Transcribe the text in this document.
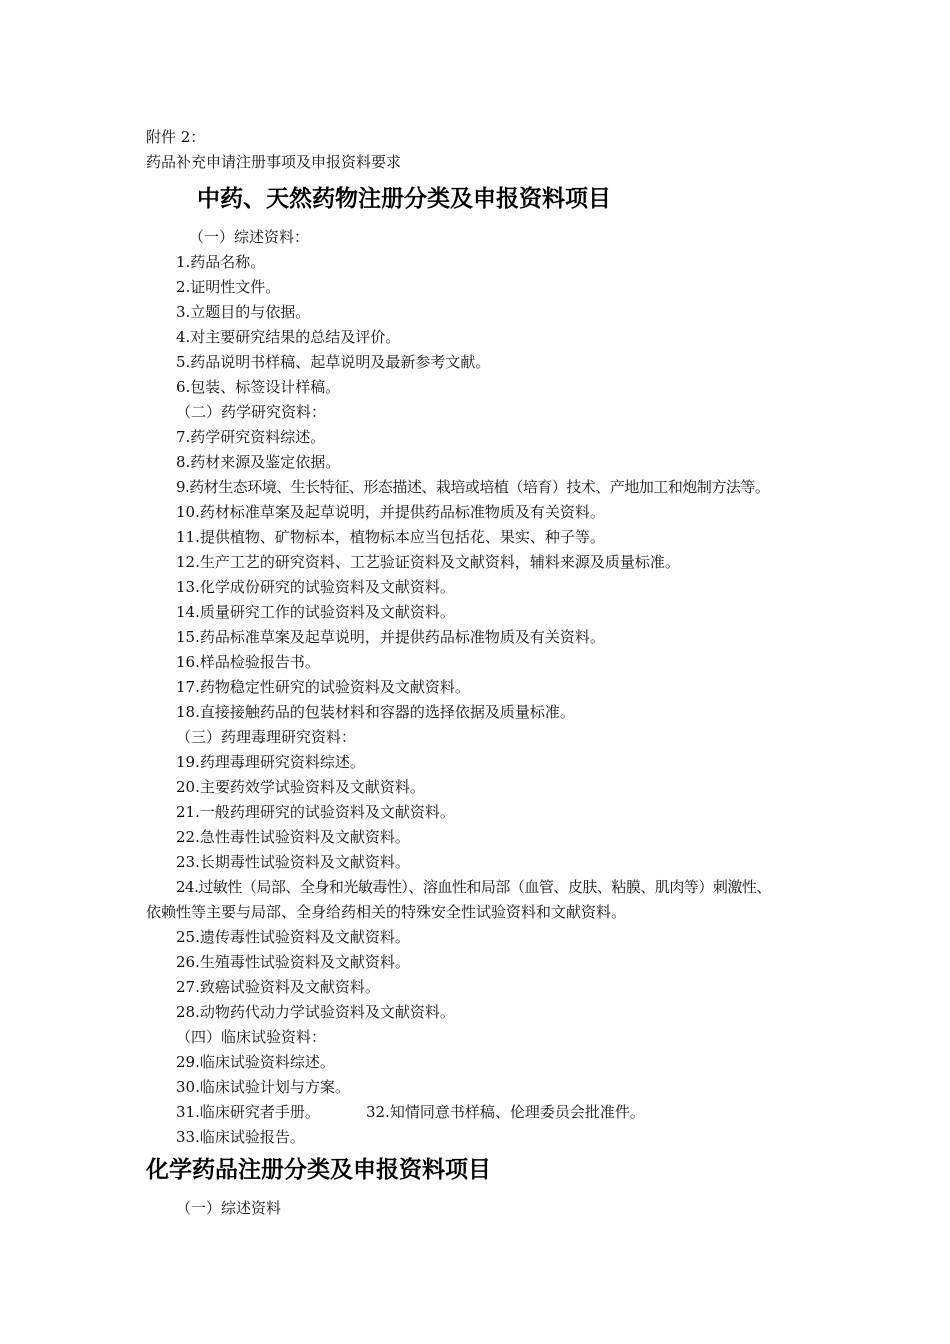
附件 2：
药品补充申请注册事项及申报资料要求
中药、天然药物注册分类及申报资料项目
（一）综述资料：
1.药品名称。
2.证明性文件。
3.立题目的与依据。
4.对主要研究结果的总结及评价。
5.药品说明书样稿、起草说明及最新参考文献。
6.包装、标签设计样稿。
（二）药学研究资料：
7.药学研究资料综述。
8.药材来源及鉴定依据。
9.药材生态环境、生长特征、形态描述、栽培或培植（培育）技术、产地加工和炮制方法等。
10.药材标准草案及起草说明，并提供药品标准物质及有关资料。
11.提供植物、矿物标本，植物标本应当包括花、果实、种子等。
12.生产工艺的研究资料、工艺验证资料及文献资料，辅料来源及质量标准。
13.化学成份研究的试验资料及文献资料。
14.质量研究工作的试验资料及文献资料。
15.药品标准草案及起草说明，并提供药品标准物质及有关资料。
16.样品检验报告书。
17.药物稳定性研究的试验资料及文献资料。
18.直接接触药品的包装材料和容器的选择依据及质量标准。
（三）药理毒理研究资料：
19.药理毒理研究资料综述。
20.主要药效学试验资料及文献资料。
21.一般药理研究的试验资料及文献资料。
22.急性毒性试验资料及文献资料。
23.长期毒性试验资料及文献资料。
24.过敏性（局部、全身和光敏毒性）、溶血性和局部（血管、皮肤、粘膜、肌肉等）刺激性、
依赖性等主要与局部、全身给药相关的特殊安全性试验资料和文献资料。
25.遗传毒性试验资料及文献资料。
26.生殖毒性试验资料及文献资料。
27.致癌试验资料及文献资料。
28.动物药代动力学试验资料及文献资料。
（四）临床试验资料：
29.临床试验资料综述。
30.临床试验计划与方案。
31.临床研究者手册。	32.知情同意书样稿、伦理委员会批准件。
33.临床试验报告。
化学药品注册分类及申报资料项目
（一）综述资料
